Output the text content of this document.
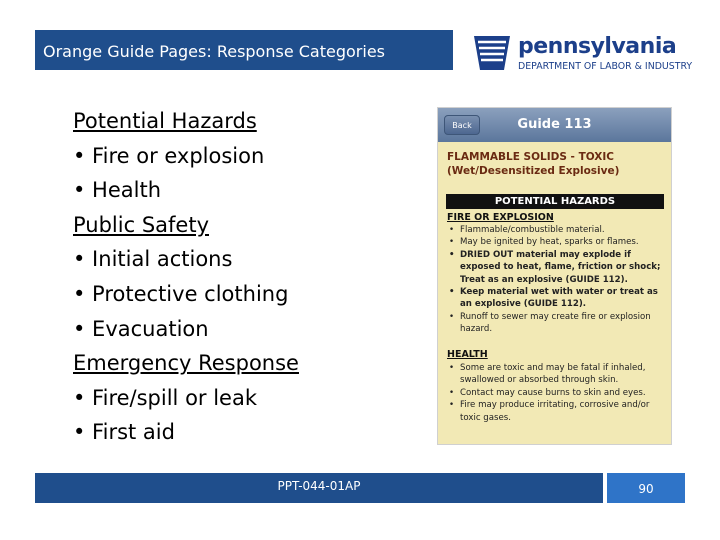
Orange Guide Pages: Response Categories	pennsylvania
DEPARTMENT OF LABOR & INDUSTRY
Potential Hazards
• Fire or explosion
• Health
Public Safety
• Initial actions
• Protective clothing
• Evacuation
Emergency Response
• Fire/spill or leak
• First aid
Back	Guide 113
FLAMMABLE SOLIDS - TOXIC (Wet/Desensitized Explosive)
POTENTIAL HAZARDS
FIRE OR EXPLOSION
• Flammable/combustible material.
• May be ignited by heat, sparks or flames.
• DRIED OUT material may explode if exposed to heat, flame, friction or shock; Treat as an explosive (GUIDE 112).
• Keep material wet with water or treat as an explosive (GUIDE 112).
• Runoff to sewer may create fire or explosion hazard.
HEALTH
• Some are toxic and may be fatal if inhaled, swallowed or absorbed through skin.
• Contact may cause burns to skin and eyes.
• Fire may produce irritating, corrosive and/or toxic gases.
PPT-044-01AP	90
